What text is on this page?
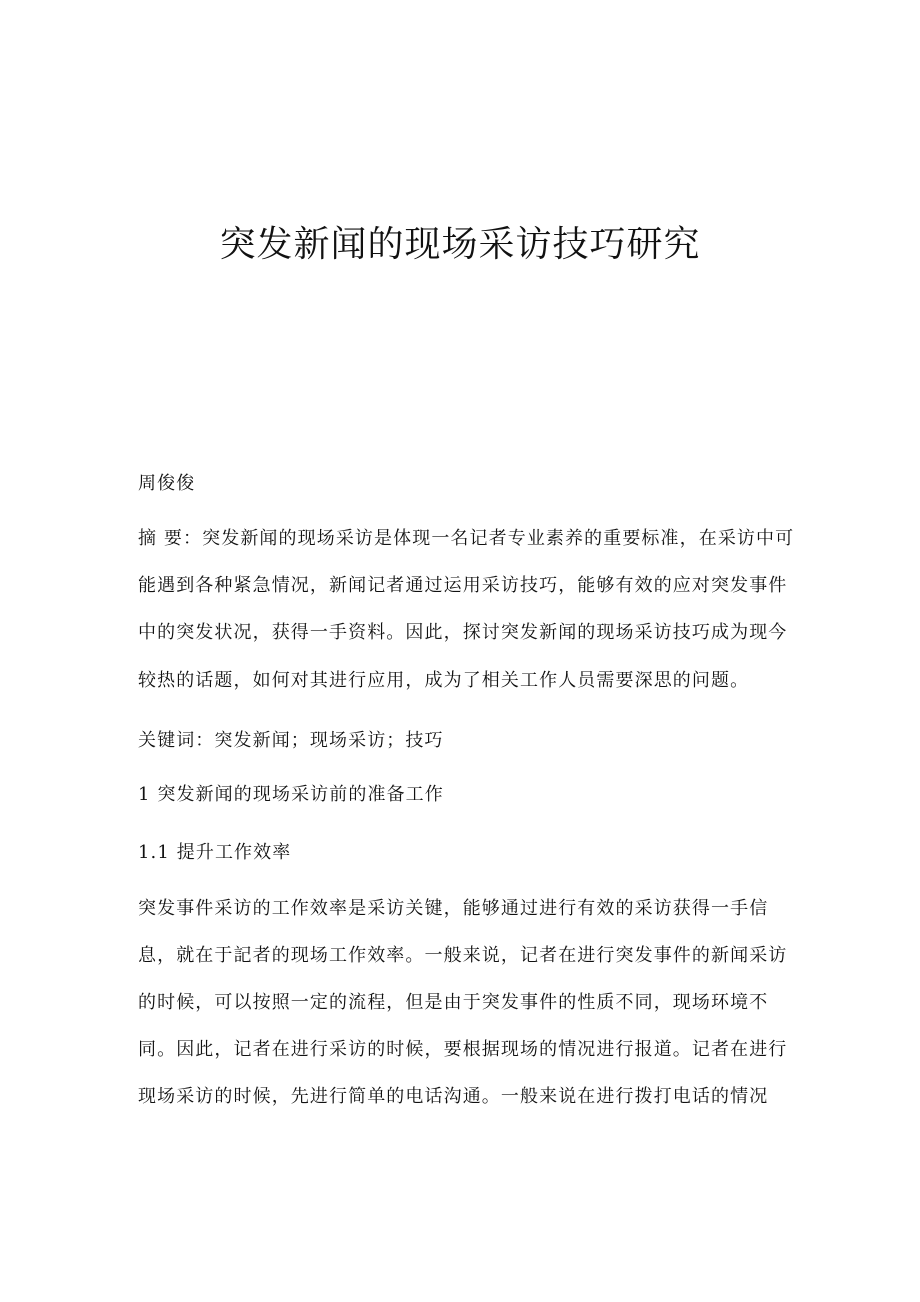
突发新闻的现场采访技巧研究
周俊俊
摘 要：突发新闻的现场采访是体现一名记者专业素养的重要标准，在采访中可
能遇到各种紧急情况，新闻记者通过运用采访技巧，能够有效的应对突发事件
中的突发状况，获得一手资料。因此，探讨突发新闻的现场采访技巧成为现今
较热的话题，如何对其进行应用，成为了相关工作人员需要深思的问题。
关键词：突发新闻；现场采访；技巧
1 突发新闻的现场采访前的准备工作
1.1 提升工作效率
突发事件采访的工作效率是采访关键，能够通过进行有效的采访获得一手信
息，就在于記者的现场工作效率。一般来说，记者在进行突发事件的新闻采访
的时候，可以按照一定的流程，但是由于突发事件的性质不同，现场环境不
同。因此，记者在进行采访的时候，要根据现场的情况进行报道。记者在进行
现场采访的时候，先进行简单的电话沟通。一般来说在进行拨打电话的情况
